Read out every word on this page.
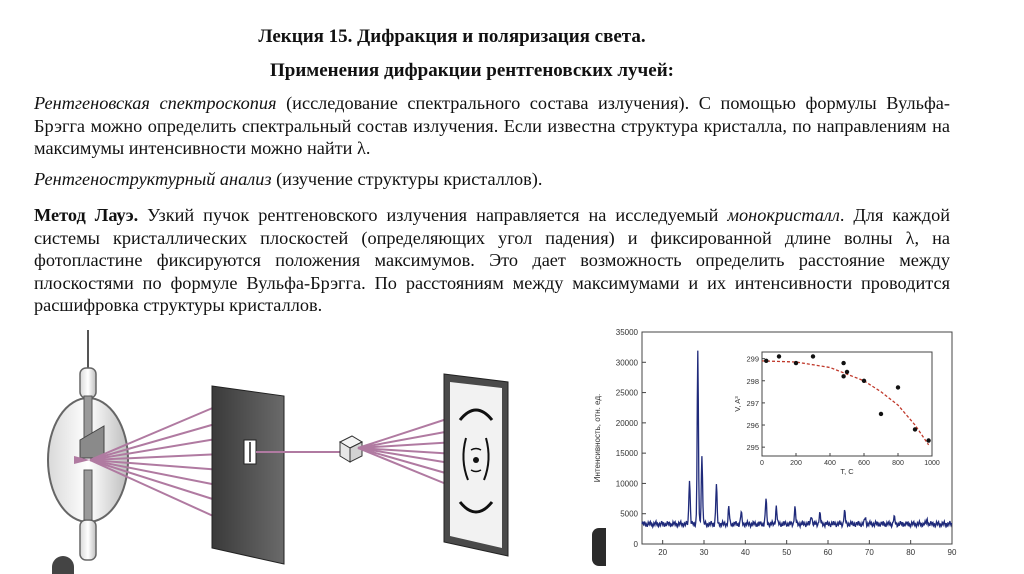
Лекция 15. Дифракция и поляризация света.
Применения дифракции рентгеновских лучей:
Рентгеновская спектроскопия (исследование спектрального состава излучения). С помощью формулы Вульфа-Брэгга можно определить спектральный состав излучения. Если известна структура кристалла, по направлениям на максимумы интенсивности можно найти λ.
Рентгеноструктурный анализ (изучение структуры кристаллов).
Метод Лауэ. Узкий пучок рентгеновского излучения направляется на исследуемый монокристалл. Для каждой системы кристаллических плоскостей (определяющих угол падения) и фиксированной длине волны λ, на фотопластине фиксируются положения максимумов. Это дает возможность определить расстояние между плоскостями по формуле Вульфа-Брэгга. По расстояниям между максимумами и их интенсивности проводится расшифровка структуры кристаллов.
0
5000
10000
15000
20000
25000
30000
35000
20	30	40	50	60	70	80	90
Интенсивность, отн. ед.	295
296
297
298
299
0	200	400	600	800	1000
T, C
V, A³
